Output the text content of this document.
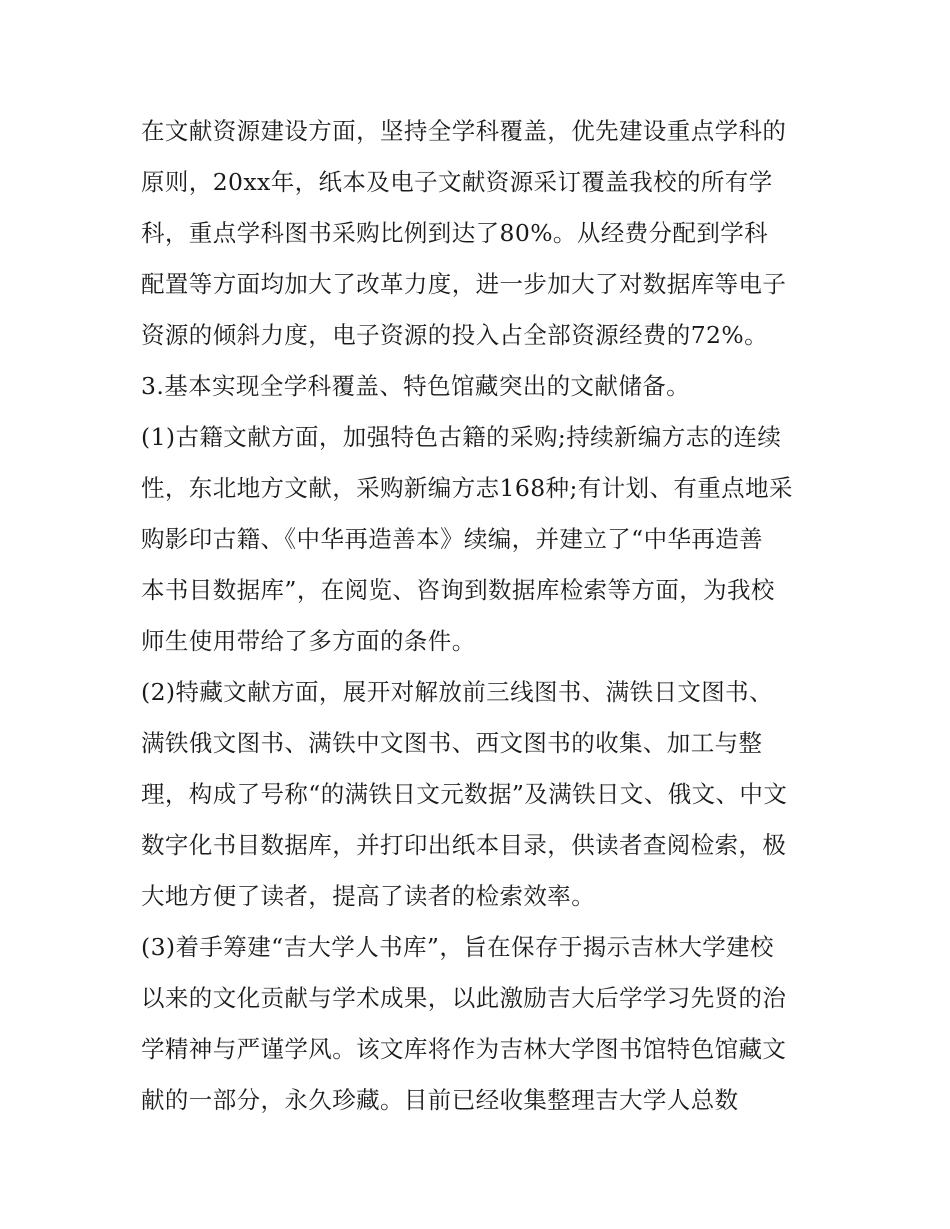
在文献资源建设方面，坚持全学科覆盖，优先建设重点学科的
原则，20xx年，纸本及电子文献资源采订覆盖我校的所有学
科，重点学科图书采购比例到达了80%。从经费分配到学科
配置等方面均加大了改革力度，进一步加大了对数据库等电子
资源的倾斜力度，电子资源的投入占全部资源经费的72%。
3.基本实现全学科覆盖、特色馆藏突出的文献储备。
(1)古籍文献方面，加强特色古籍的采购;持续新编方志的连续
性，东北地方文献，采购新编方志168种;有计划、有重点地采
购影印古籍、《中华再造善本》续编，并建立了“中华再造善
本书目数据库”，在阅览、咨询到数据库检索等方面，为我校
师生使用带给了多方面的条件。
(2)特藏文献方面，展开对解放前三线图书、满铁日文图书、
满铁俄文图书、满铁中文图书、西文图书的收集、加工与整
理，构成了号称“的满铁日文元数据”及满铁日文、俄文、中文
数字化书目数据库，并打印出纸本目录，供读者查阅检索，极
大地方便了读者，提高了读者的检索效率。
(3)着手筹建“吉大学人书库”，旨在保存于揭示吉林大学建校
以来的文化贡献与学术成果，以此激励吉大后学学习先贤的治
学精神与严谨学风。该文库将作为吉林大学图书馆特色馆藏文
献的一部分，永久珍藏。目前已经收集整理吉大学人总数
